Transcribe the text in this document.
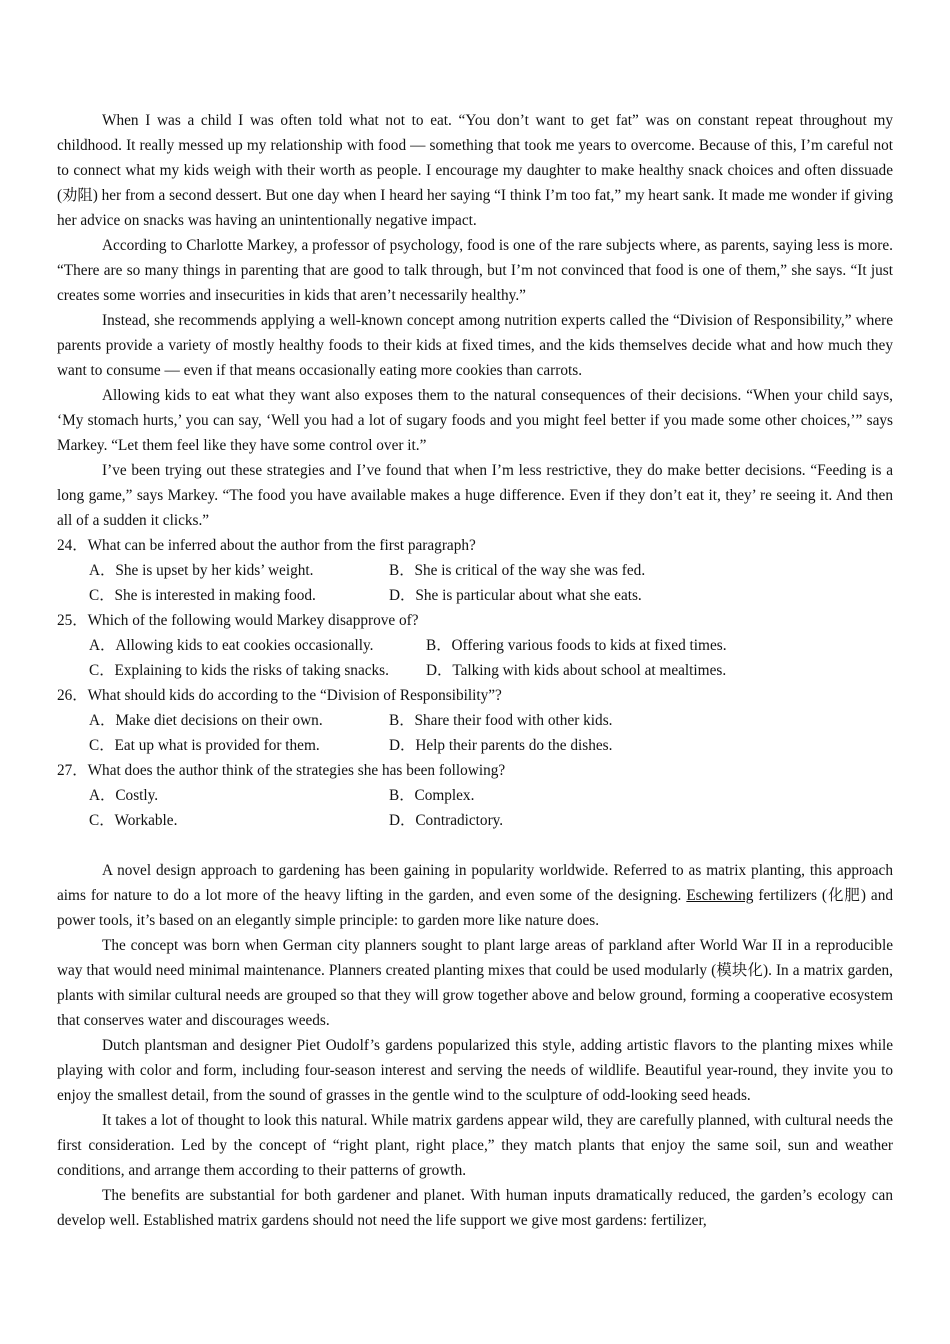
When I was a child I was often told what not to eat. “You don’t want to get fat” was on constant repeat throughout my childhood. It really messed up my relationship with food — something that took me years to overcome. Because of this, I’m careful not to connect what my kids weigh with their worth as people. I encourage my daughter to make healthy snack choices and often dissuade (劝阻) her from a second dessert. But one day when I heard her saying “I think I’m too fat,” my heart sank. It made me wonder if giving her advice on snacks was having an unintentionally negative impact.

According to Charlotte Markey, a professor of psychology, food is one of the rare subjects where, as parents, saying less is more. “There are so many things in parenting that are good to talk through, but I’m not convinced that food is one of them,” she says. “It just creates some worries and insecurities in kids that aren’t necessarily healthy.”

Instead, she recommends applying a well-known concept among nutrition experts called the “Division of Responsibility,” where parents provide a variety of mostly healthy foods to their kids at fixed times, and the kids themselves decide what and how much they want to consume — even if that means occasionally eating more cookies than carrots.

Allowing kids to eat what they want also exposes them to the natural consequences of their decisions. “When your child says, ‘My stomach hurts,’ you can say, ‘Well you had a lot of sugary foods and you might feel better if you made some other choices,’” says Markey. “Let them feel like they have some control over it.”

I’ve been trying out these strategies and I’ve found that when I’m less restrictive, they do make better decisions. “Feeding is a long game,” says Markey. “The food you have available makes a huge difference. Even if they don’t eat it, they’ re seeing it. And then all of a sudden it clicks.”

24．What can be inferred about the author from the first paragraph?

A．She is upset by her kids’ weight.	B．She is critical of the way she was fed.
C．She is interested in making food.	D．She is particular about what she eats.

25．Which of the following would Markey disapprove of?

A．Allowing kids to eat cookies occasionally.	B．Offering various foods to kids at fixed times.
C．Explaining to kids the risks of taking snacks.	D．Talking with kids about school at mealtimes.

26．What should kids do according to the “Division of Responsibility”?

A．Make diet decisions on their own.	B．Share their food with other kids.
C．Eat up what is provided for them.	D．Help their parents do the dishes.

27．What does the author think of the strategies she has been following?

A．Costly.	B．Complex.
C．Workable.	D．Contradictory.

A novel design approach to gardening has been gaining in popularity worldwide. Referred to as matrix planting, this approach aims for nature to do a lot more of the heavy lifting in the garden, and even some of the designing. Eschewing fertilizers (化肥) and power tools, it’s based on an elegantly simple principle: to garden more like nature does.

The concept was born when German city planners sought to plant large areas of parkland after World War II in a reproducible way that would need minimal maintenance. Planners created planting mixes that could be used modularly (模块化). In a matrix garden, plants with similar cultural needs are grouped so that they will grow together above and below ground, forming a cooperative ecosystem that conserves water and discourages weeds.

Dutch plantsman and designer Piet Oudolf’s gardens popularized this style, adding artistic flavors to the planting mixes while playing with color and form, including four-season interest and serving the needs of wildlife. Beautiful year-round, they invite you to enjoy the smallest detail, from the sound of grasses in the gentle wind to the sculpture of odd-looking seed heads.

It takes a lot of thought to look this natural. While matrix gardens appear wild, they are carefully planned, with cultural needs the first consideration. Led by the concept of “right plant, right place,” they match plants that enjoy the same soil, sun and weather conditions, and arrange them according to their patterns of growth.

The benefits are substantial for both gardener and planet. With human inputs dramatically reduced, the garden’s ecology can develop well. Established matrix gardens should not need the life support we give most gardens: fertilizer,
